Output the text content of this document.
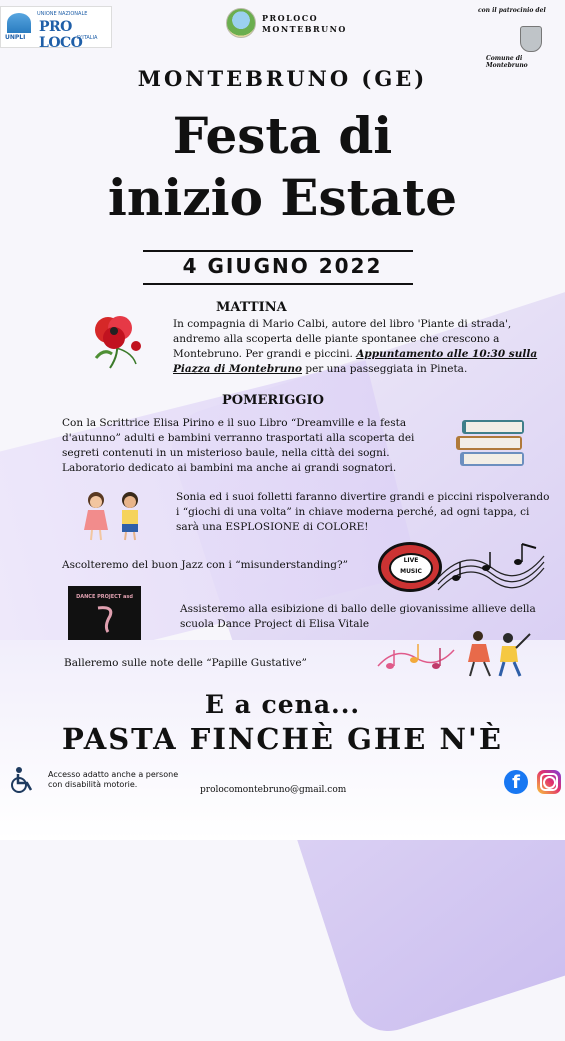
UNPLI
UNIONE NAZIONALE
PRO LOCO
D'ITALIA
PROLOCO
MONTEBRUNO
con il patrocinio del
Comune di Montebruno
MONTEBRUNO (GE)
Festa di
inizio Estate
4 GIUGNO 2022
MATTINA
In compagnia di Mario Calbi, autore del libro 'Piante di strada', andremo alla scoperta delle piante spontanee che crescono a Montebruno. Per grandi e piccini. Appuntamento alle 10:30 sulla Piazza di Montebruno per una passeggiata in Pineta.
POMERIGGIO
Con la Scrittrice Elisa Pirino e il suo Libro “Dreamville e la festa d'autunno” adulti e bambini verranno trasportati alla scoperta dei segreti contenuti in un misterioso baule, nella città dei sogni. Laboratorio dedicato ai bambini ma anche ai grandi sognatori.
Sonia ed i suoi folletti faranno divertire grandi e piccini rispolverando i “giochi di una volta” in chiave moderna perché, ad ogni tappa, ci sarà una ESPLOSIONE di COLORE!
Ascolteremo del buon Jazz con i “misunderstanding?”	LIVE
MUSIC
DANCE PROJECT asd
Assisteremo alla esibizione di ballo delle giovanissime allieve della scuola Dance Project di Elisa Vitale
Balleremo sulle note delle “Papille Gustative”
E a cena...
PASTA FINCHÈ GHE N'È
Accesso adatto anche a persone con disabilità motorie.
prolocomontebruno@gmail.com	f
